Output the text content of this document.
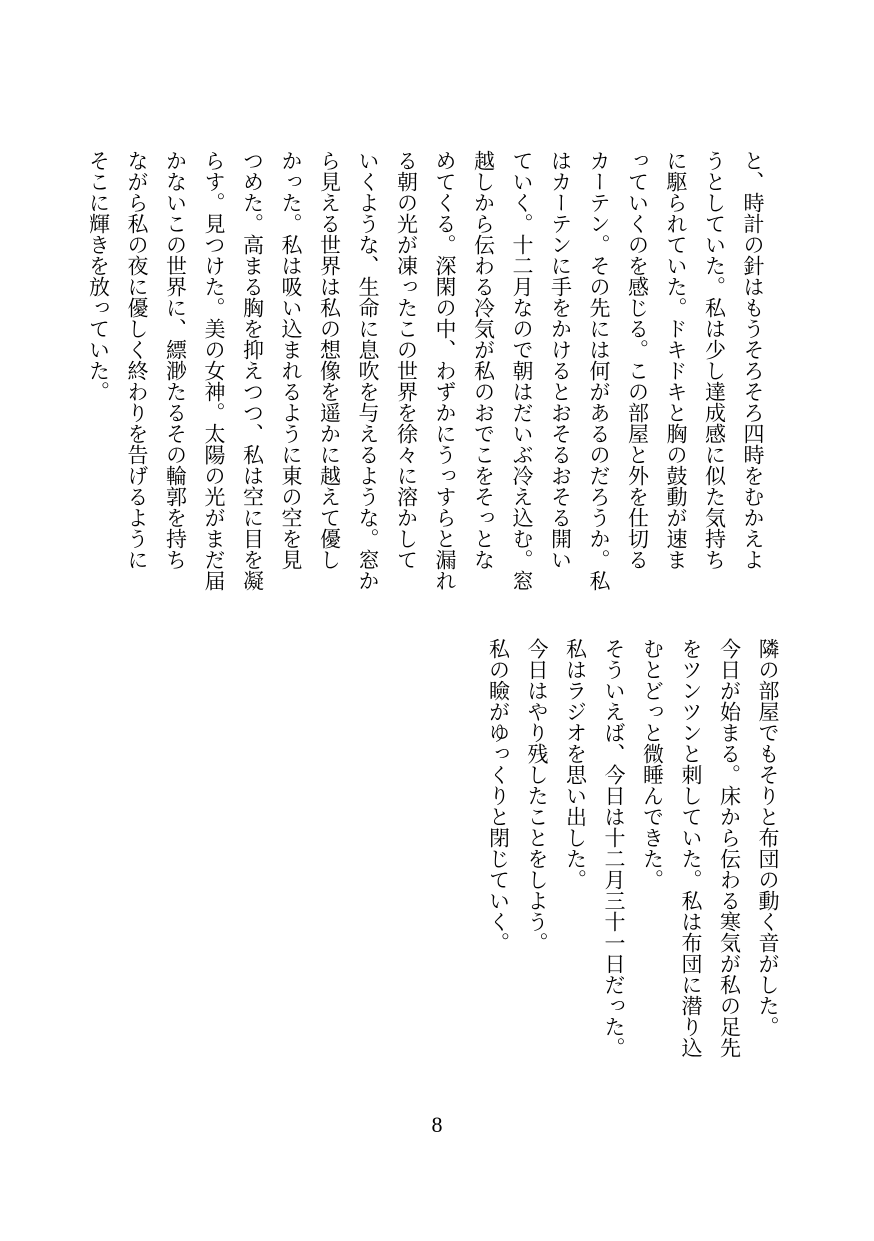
と、時計の針はもうそろそろ四時をむかえよ
うとしていた。私は少し達成感に似た気持ち
に駆られていた。ドキドキと胸の鼓動が速ま
っていくのを感じる。この部屋と外を仕切る
カーテン。その先には何があるのだろうか。私
はカーテンに手をかけるとおそるおそる開い
ていく。十二月なので朝はだいぶ冷え込む。窓
越しから伝わる冷気が私のおでこをそっとな
めてくる。深閑の中、わずかにうっすらと漏れ
る朝の光が凍ったこの世界を徐々に溶かして
いくような、生命に息吹を与えるような。窓か
ら見える世界は私の想像を遥かに越えて優し
かった。私は吸い込まれるように東の空を見
つめた。高まる胸を抑えつつ、私は空に目を凝
らす。見つけた。美の女神。太陽の光がまだ届
かないこの世界に、縹渺たるその輪郭を持ち
ながら私の夜に優しく終わりを告げるように
そこに輝きを放っていた。
隣の部屋でもそりと布団の動く音がした。
今日が始まる。床から伝わる寒気が私の足先
をツンツンと刺していた。私は布団に潜り込
むとどっと微睡んできた。
そういえば、今日は十二月三十一日だった。
私はラジオを思い出した。
今日はやり残したことをしよう。
私の瞼がゆっくりと閉じていく。
8
